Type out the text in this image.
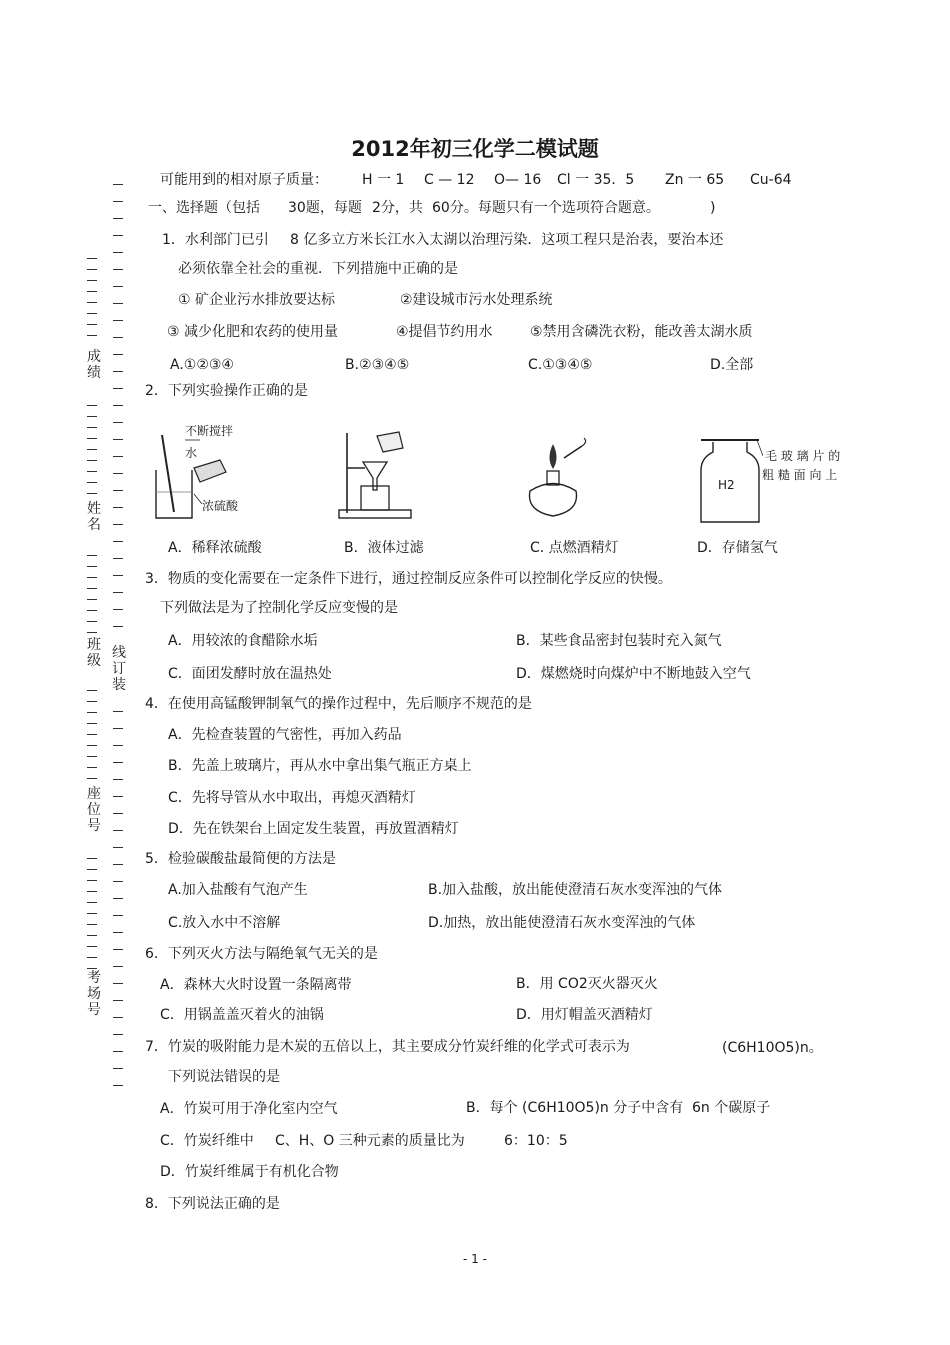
2012年初三化学二模试题
可能用到的相对原子质量： H 一 1 C — 12 O— 16 Cl 一 35．5 Zn 一 65 Cu-64
一、选择题（包括 30题，每题 2分，共 60分。每题只有一个选项符合题意。	)
1．水利部门已引 8 亿多立方米长江水入太湖以治理污染．这项工程只是治表，要治本还
必须依靠全社会的重视．下列措施中正确的是
① 矿企业污水排放要达标	②建设城市污水处理系统
③ 减少化肥和农药的使用量	④提倡节约用水	⑤禁用含磷洗衣粉，能改善太湖水质
A.①②③④	B.②③④⑤	C.①③④⑤	D.全部
2．下列实验操作正确的是
不断搅拌
水
浓硫酸
H2
毛 玻 璃 片 的
粗 糙 面 向 上
A．稀释浓硫酸	B．液体过滤	C. 点燃酒精灯	D．存储氢气
3．物质的变化需要在一定条件下进行，通过控制反应条件可以控制化学反应的快慢。
下列做法是为了控制化学反应变慢的是
A．用较浓的食醋除水垢	B．某些食品密封包装时充入氮气
C．面团发酵时放在温热处	D．煤燃烧时向煤炉中不断地鼓入空气
4．在使用高锰酸钾制氧气的操作过程中，先后顺序不规范的是
A．先检查装置的气密性，再加入药品
B．先盖上玻璃片，再从水中拿出集气瓶正方桌上
C．先将导管从水中取出，再熄灭酒精灯
D．先在铁架台上固定发生装置，再放置酒精灯
5．检验碳酸盐最简便的方法是
A.加入盐酸有气泡产生	B.加入盐酸，放出能使澄清石灰水变浑浊的气体
C.放入水中不溶解	D.加热，放出能使澄清石灰水变浑浊的气体
6．下列灭火方法与隔绝氧气无关的是
A．森林大火时设置一条隔离带	B．用 CO2灭火器灭火
C．用锅盖盖灭着火的油锅	D．用灯帽盖灭酒精灯
7．竹炭的吸附能力是木炭的五倍以上，其主要成分竹炭纤维的化学式可表示为	(C6H10O5)n。
下列说法错误的是
A．竹炭可用于净化室内空气	B．每个 (C6H10O5)n 分子中含有 6n 个碳原子
C．竹炭纤维中 C、H、O 三种元素的质量比为	6：10：5
D．竹炭纤维属于有机化合物
8．下列说法正确的是
成绩
姓名
班级
座位号
考场号
线订装
- 1 -
